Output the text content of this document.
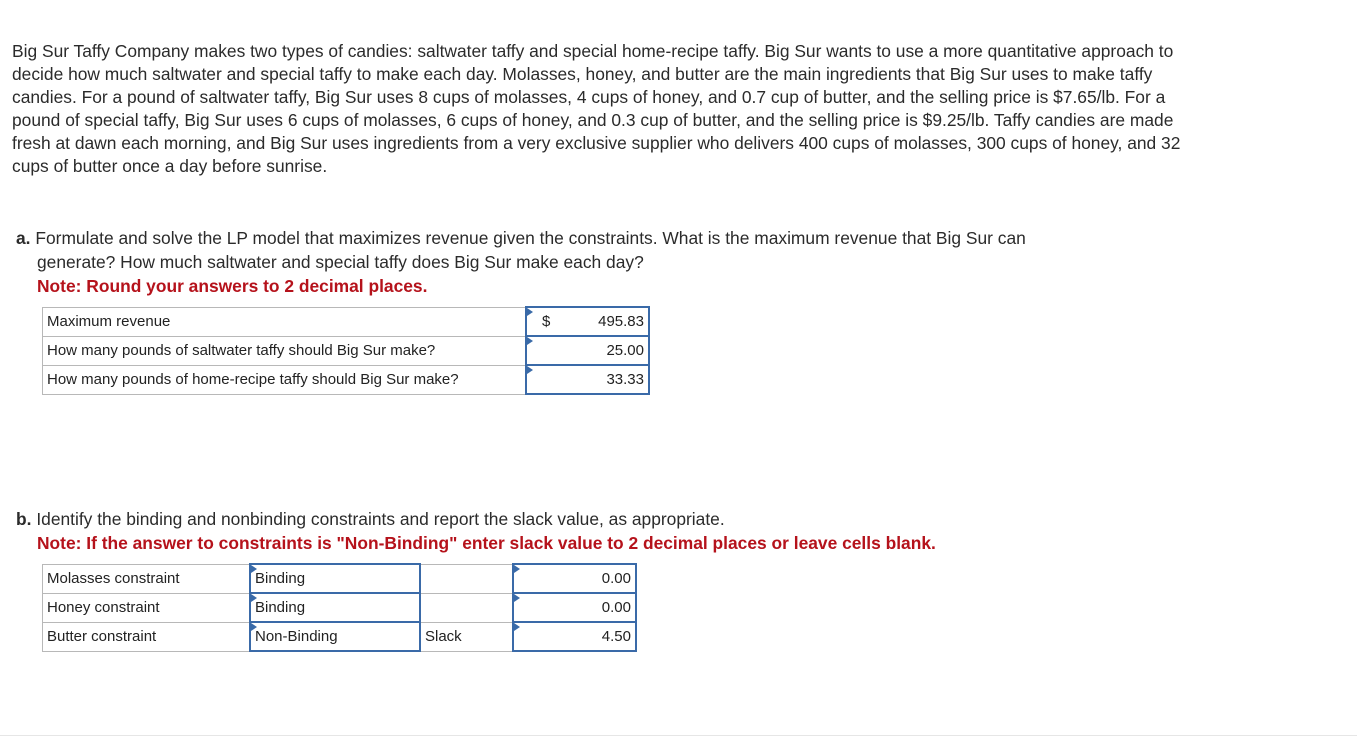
Big Sur Taffy Company makes two types of candies: saltwater taffy and special home-recipe taffy. Big Sur wants to use a more quantitative approach to decide how much saltwater and special taffy to make each day. Molasses, honey, and butter are the main ingredients that Big Sur uses to make taffy candies. For a pound of saltwater taffy, Big Sur uses 8 cups of molasses, 4 cups of honey, and 0.7 cup of butter, and the selling price is $7.65/lb. For a pound of special taffy, Big Sur uses 6 cups of molasses, 6 cups of honey, and 0.3 cup of butter, and the selling price is $9.25/lb. Taffy candies are made fresh at dawn each morning, and Big Sur uses ingredients from a very exclusive supplier who delivers 400 cups of molasses, 300 cups of honey, and 32 cups of butter once a day before sunrise.

a. Formulate and solve the LP model that maximizes revenue given the constraints. What is the maximum revenue that Big Sur can
generate? How much saltwater and special taffy does Big Sur make each day?
Note: Round your answers to 2 decimal places.
Maximum revenue	$ 495.83
How many pounds of saltwater taffy should Big Sur make?	25.00
How many pounds of home-recipe taffy should Big Sur make?	33.33
b. Identify the binding and nonbinding constraints and report the slack value, as appropriate.
Note: If the answer to constraints is "Non-Binding" enter slack value to 2 decimal places or leave cells blank.
Molasses constraint	Binding		0.00
Honey constraint	Binding		0.00
Butter constraint	Non-Binding	Slack	4.50
